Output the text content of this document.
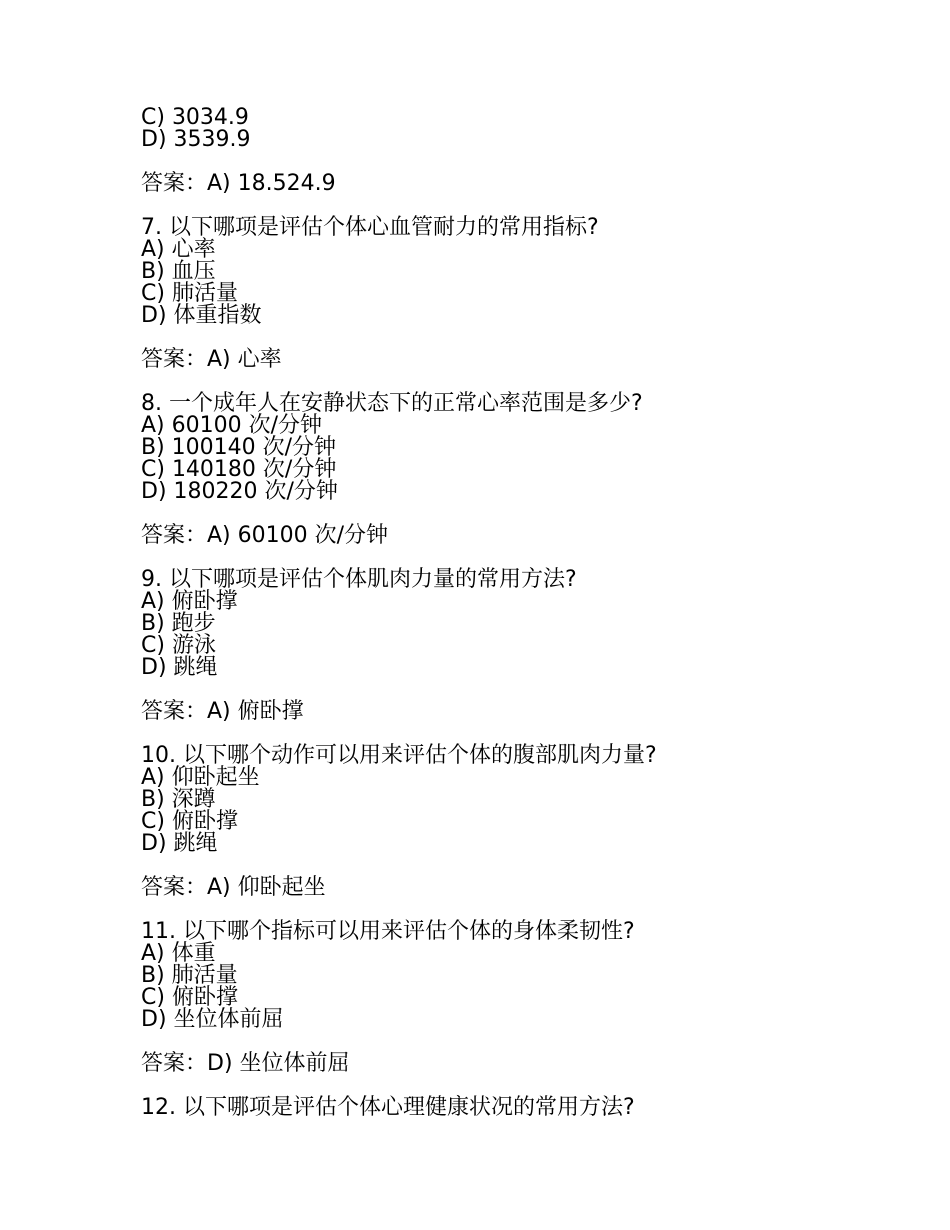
C) 3034.9
D) 3539.9
答案：A) 18.524.9
7. 以下哪项是评估个体心血管耐力的常用指标?
A) 心率
B) 血压
C) 肺活量
D) 体重指数
答案：A) 心率
8. 一个成年人在安静状态下的正常心率范围是多少?
A) 60100 次/分钟
B) 100140 次/分钟
C) 140180 次/分钟
D) 180220 次/分钟
答案：A) 60100 次/分钟
9. 以下哪项是评估个体肌肉力量的常用方法?
A) 俯卧撑
B) 跑步
C) 游泳
D) 跳绳
答案：A) 俯卧撑
10. 以下哪个动作可以用来评估个体的腹部肌肉力量?
A) 仰卧起坐
B) 深蹲
C) 俯卧撑
D) 跳绳
答案：A) 仰卧起坐
11. 以下哪个指标可以用来评估个体的身体柔韧性?
A) 体重
B) 肺活量
C) 俯卧撑
D) 坐位体前屈
答案：D) 坐位体前屈
12. 以下哪项是评估个体心理健康状况的常用方法?
